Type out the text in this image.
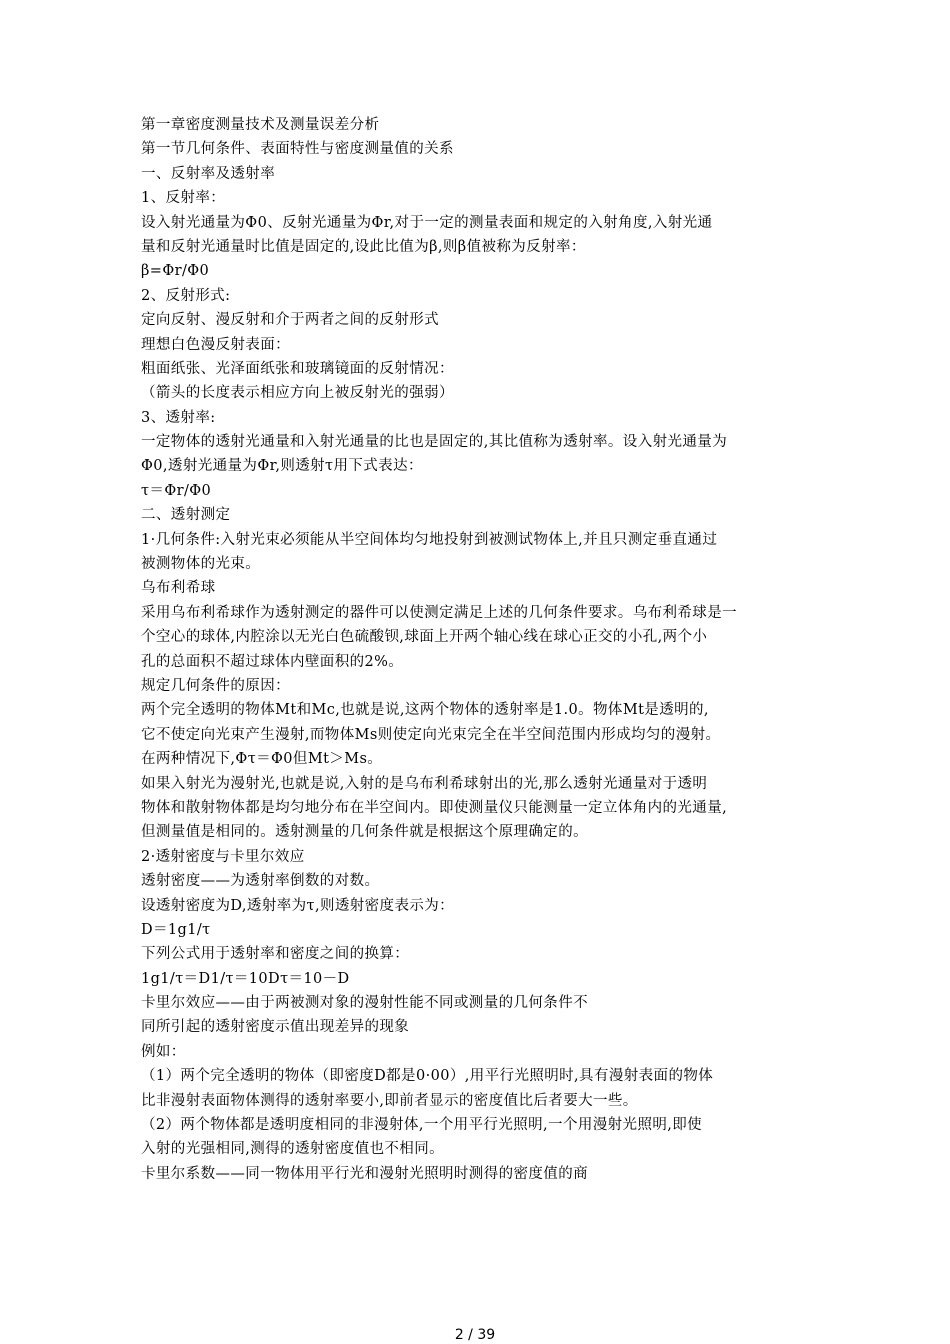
第一章密度测量技术及测量误差分析
第一节几何条件、表面特性与密度测量值的关系
一、反射率及透射率
1、反射率：
设入射光通量为Φ0、反射光通量为Φr,对于一定的测量表面和规定的入射角度,入射光通
量和反射光通量时比值是固定的,设此比值为β,则β值被称为反射率：
β=Φr/Φ0
2、反射形式:
定向反射、漫反射和介于两者之间的反射形式
理想白色漫反射表面：
粗面纸张、光泽面纸张和玻璃镜面的反射情况：
（箭头的长度表示相应方向上被反射光的强弱）
3、透射率:
一定物体的透射光通量和入射光通量的比也是固定的,其比值称为透射率。设入射光通量为
Φ0,透射光通量为Φr,则透射τ用下式表达：
τ＝Φr/Φ0
二、透射测定
1·几何条件:入射光束必须能从半空间体均匀地投射到被测试物体上,并且只测定垂直通过
被测物体的光束。
乌布利希球
采用乌布利希球作为透射测定的器件可以使测定满足上述的几何条件要求。乌布利希球是一
个空心的球体,内腔涂以无光白色硫酸钡,球面上开两个轴心线在球心正交的小孔,两个小
孔的总面积不超过球体内壁面积的2%。
规定几何条件的原因：
两个完全透明的物体Mt和Mc,也就是说,这两个物体的透射率是1.0。物体Mt是透明的,
它不使定向光束产生漫射,而物体Ms则使定向光束完全在半空间范围内形成均匀的漫射。
在两种情况下,Φτ＝Φ0但Mt＞Ms。
如果入射光为漫射光,也就是说,入射的是乌布利希球射出的光,那么透射光通量对于透明
物体和散射物体都是均匀地分布在半空间内。即使测量仪只能测量一定立体角内的光通量,
但测量值是相同的。透射测量的几何条件就是根据这个原理确定的。
2·透射密度与卡里尔效应
透射密度——为透射率倒数的对数。
设透射密度为D,透射率为τ,则透射密度表示为：
D＝1g1/τ
下列公式用于透射率和密度之间的换算：
1g1/τ＝D1/τ＝10Dτ＝10－D
卡里尔效应——由于两被测对象的漫射性能不同或测量的几何条件不
同所引起的透射密度示值出现差异的现象
例如：
（1）两个完全透明的物体（即密度D都是0·00）,用平行光照明时,具有漫射表面的物体
比非漫射表面物体测得的透射率要小,即前者显示的密度值比后者要大一些。
（2）两个物体都是透明度相同的非漫射体,一个用平行光照明,一个用漫射光照明,即使
入射的光强相同,测得的透射密度值也不相同。
卡里尔系数——同一物体用平行光和漫射光照明时测得的密度值的商
2 / 39
